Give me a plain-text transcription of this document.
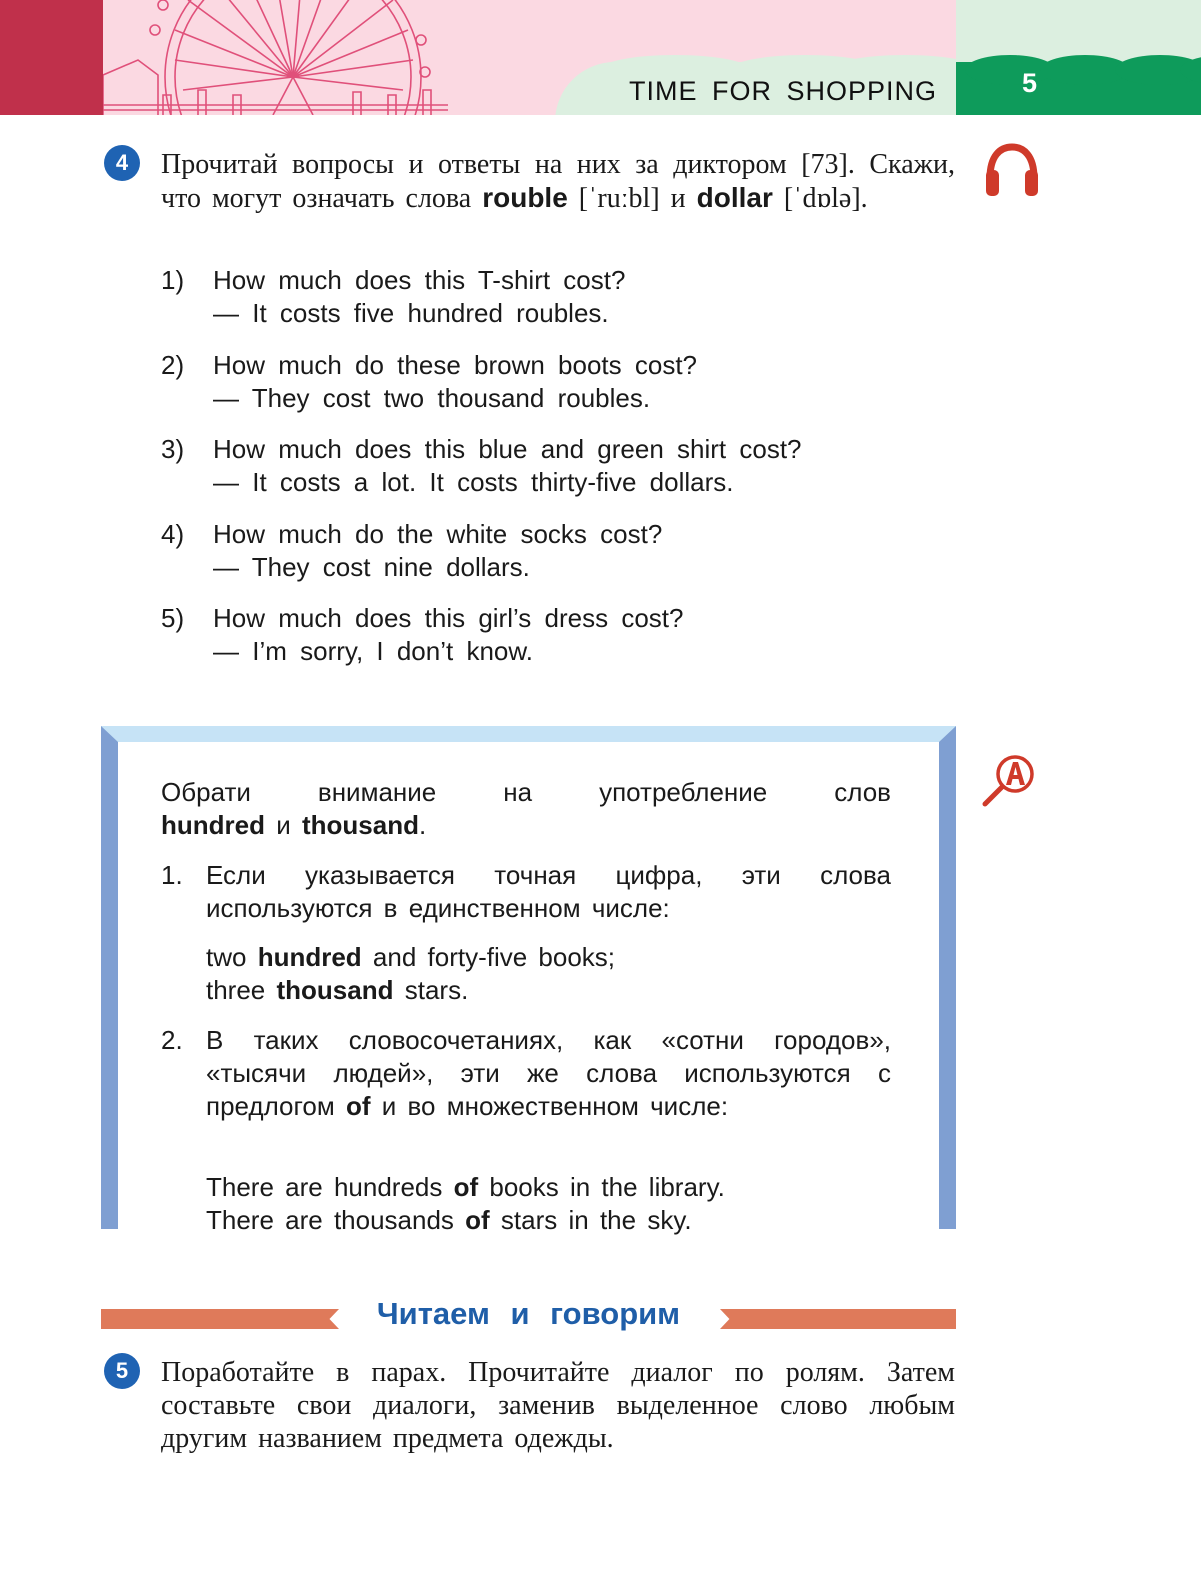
TIME FOR SHOPPING	5
4	Прочитай вопросы и ответы на них за диктором [73]. Скажи, что могут означать слова rouble [ˈruːbl] и dollar [ˈdɒlə].
1) How much does this T-shirt cost?
— It costs five hundred roubles.
2) How much do these brown boots cost?
— They cost two thousand roubles.
3) How much does this blue and green shirt cost?
— It costs a lot. It costs thirty-five dollars.
4) How much do the white socks cost?
— They cost nine dollars.
5) How much does this girl’s dress cost?
— I’m sorry, I don’t know.
Обрати внимание на употребление слов
hundred и thousand.
1. Если указывается точная цифра, эти слова используются в единственном числе:
two hundred and forty-five books;
three thousand stars.
2. В таких словосочетаниях, как «сотни городов», «тысячи людей», эти же слова используются с предлогом of и во множественном числе:
There are hundreds of books in the library.
There are thousands of stars in the sky.
Читаем и говорим
5	Поработайте в парах. Прочитайте диалог по ролям. Затем составьте свои диалоги, заменив выделенное слово любым другим названием предмета одежды.
